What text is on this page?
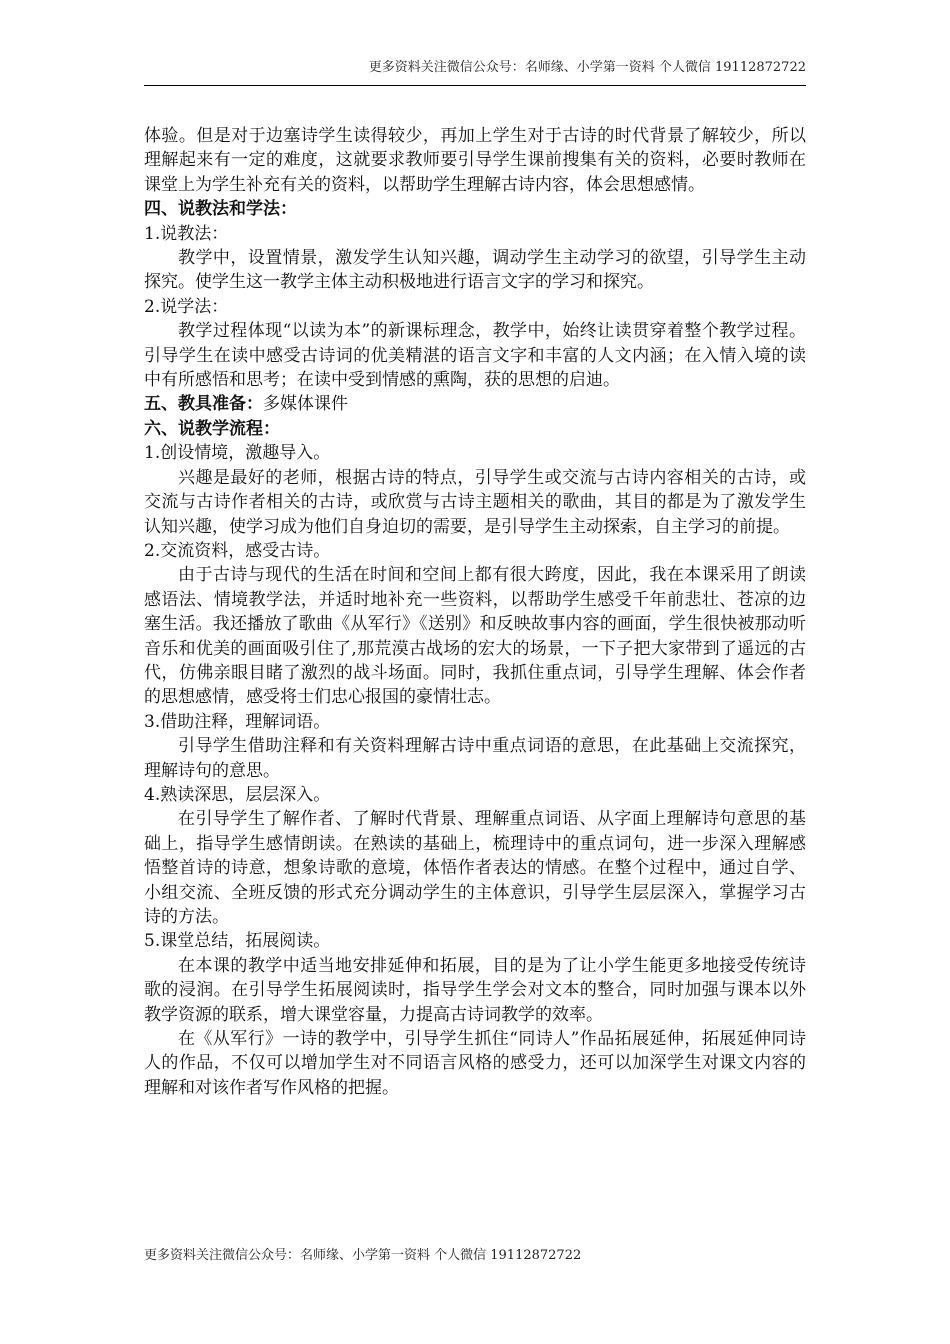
更多资料关注微信公众号：名师缘、小学第一资料 个人微信 19112872722

体验。但是对于边塞诗学生读得较少，再加上学生对于古诗的时代背景了解较少，所以理解起来有一定的难度，这就要求教师要引导学生课前搜集有关的资料，必要时教师在课堂上为学生补充有关的资料，以帮助学生理解古诗内容，体会思想感情。

四、说教法和学法：

1.说教法：

教学中，设置情景，激发学生认知兴趣，调动学生主动学习的欲望，引导学生主动探究。使学生这一教学主体主动积极地进行语言文字的学习和探究。

2.说学法：

教学过程体现“以读为本”的新课标理念，教学中，始终让读贯穿着整个教学过程。引导学生在读中感受古诗词的优美精湛的语言文字和丰富的人文内涵；在入情入境的读中有所感悟和思考；在读中受到情感的熏陶，获的思想的启迪。

五、教具准备：多媒体课件

六、说教学流程：

1.创设情境，激趣导入。

兴趣是最好的老师，根据古诗的特点，引导学生或交流与古诗内容相关的古诗，或交流与古诗作者相关的古诗，或欣赏与古诗主题相关的歌曲，其目的都是为了激发学生认知兴趣，使学习成为他们自身迫切的需要，是引导学生主动探索，自主学习的前提。

2.交流资料，感受古诗。

由于古诗与现代的生活在时间和空间上都有很大跨度，因此，我在本课采用了朗读感语法、情境教学法，并适时地补充一些资料，以帮助学生感受千年前悲壮、苍凉的边塞生活。我还播放了歌曲《从军行》《送别》和反映故事内容的画面，学生很快被那动听音乐和优美的画面吸引住了,那荒漠古战场的宏大的场景，一下子把大家带到了遥远的古代，仿佛亲眼目睹了激烈的战斗场面。同时，我抓住重点词，引导学生理解、体会作者的思想感情，感受将士们忠心报国的豪情壮志。

3.借助注释，理解词语。

引导学生借助注释和有关资料理解古诗中重点词语的意思，在此基础上交流探究，理解诗句的意思。

4.熟读深思，层层深入。

在引导学生了解作者、了解时代背景、理解重点词语、从字面上理解诗句意思的基础上，指导学生感情朗读。在熟读的基础上，梳理诗中的重点词句，进一步深入理解感悟整首诗的诗意，想象诗歌的意境，体悟作者表达的情感。在整个过程中，通过自学、小组交流、全班反馈的形式充分调动学生的主体意识，引导学生层层深入，掌握学习古诗的方法。

5.课堂总结，拓展阅读。

在本课的教学中适当地安排延伸和拓展，目的是为了让小学生能更多地接受传统诗歌的浸润。在引导学生拓展阅读时，指导学生学会对文本的整合，同时加强与课本以外教学资源的联系，增大课堂容量，力提高古诗词教学的效率。

在《从军行》一诗的教学中，引导学生抓住“同诗人”作品拓展延伸，拓展延伸同诗人的作品，不仅可以增加学生对不同语言风格的感受力，还可以加深学生对课文内容的理解和对该作者写作风格的把握。

更多资料关注微信公众号：名师缘、小学第一资料 个人微信 19112872722
